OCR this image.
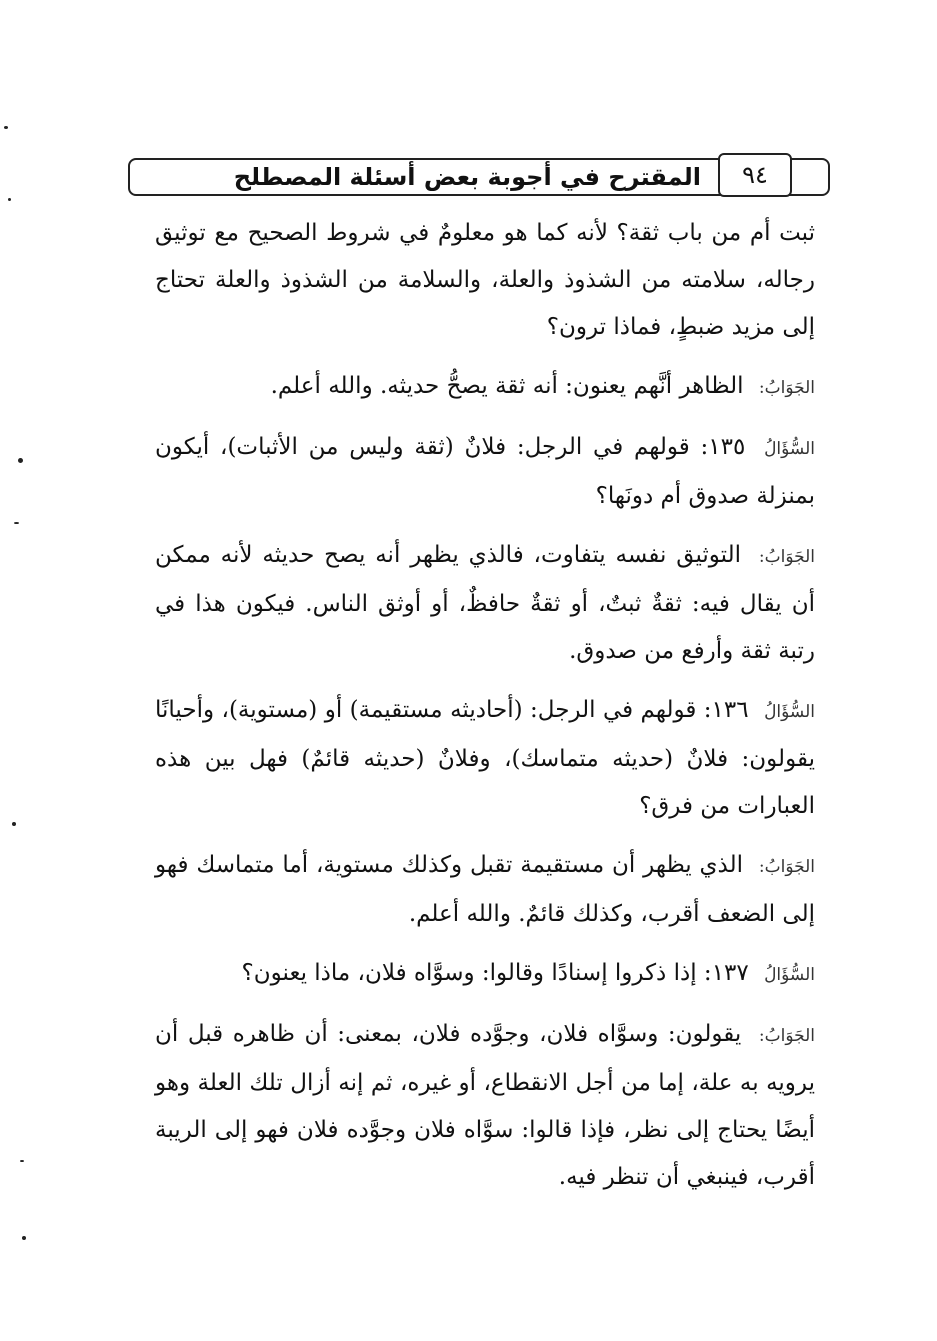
المقترح في أجوبة بعض أسئلة المصطلح	٩٤

ثبت أم من باب ثقة؟ لأنه كما هو معلومٌ في شروط الصحيح مع توثيق رجاله، سلامته من الشذوذ والعلة، والسلامة من الشذوذ والعلة تحتاج إلى مزيد ضبطٍ، فماذا ترون؟

الجَوَابُ: الظاهر أنَّهم يعنون: أنه ثقة يصحُّ حديثه. والله أعلم.

السُّؤَالُ ١٣٥: قولهم في الرجل: فلانٌ (ثقة وليس من الأثبات)، أيكون بمنزلة صدوق أم دونَها؟

الجَوَابُ: التوثيق نفسه يتفاوت، فالذي يظهر أنه يصح حديثه لأنه ممكن أن يقال فيه: ثقةٌ ثبتٌ، أو ثقةٌ حافظٌ، أو أوثق الناس. فيكون هذا في رتبة ثقة وأرفع من صدوق.

السُّؤَالُ ١٣٦: قولهم في الرجل: (أحاديثه مستقيمة) أو (مستوية)، وأحيانًا يقولون: فلانٌ (حديثه متماسك)، وفلانٌ (حديثه قائمٌ) فهل بين هذه العبارات من فرق؟

الجَوَابُ: الذي يظهر أن مستقيمة تقبل وكذلك مستوية، أما متماسك فهو إلى الضعف أقرب، وكذلك قائمٌ. والله أعلم.

السُّؤَالُ ١٣٧: إذا ذكروا إسنادًا وقالوا: وسوَّاه فلان، ماذا يعنون؟

الجَوَابُ: يقولون: وسوَّاه فلان، وجوَّده فلان، بمعنى: أن ظاهره قبل أن يرويه به علة، إما من أجل الانقطاع، أو غيره، ثم إنه أزال تلك العلة وهو أيضًا يحتاج إلى نظر، فإذا قالوا: سوَّاه فلان وجوَّده فلان فهو إلى الريبة أقرب، فينبغي أن تنظر فيه.
